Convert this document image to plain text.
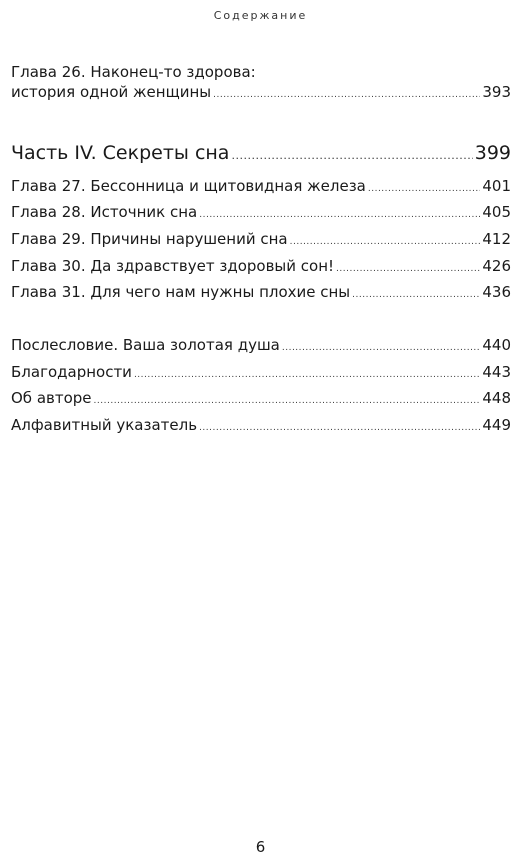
Содержание
Глава 26. Наконец-то здорова:
история одной женщины .....	393
Часть IV. Секреты сна .....	399
Глава 27. Бессонница и щитовидная железа .....	401
Глава 28. Источник сна .....	405
Глава 29. Причины нарушений сна .....	412
Глава 30. Да здравствует здоровый сон! .....	426
Глава 31. Для чего нам нужны плохие сны .....	436
Послесловие. Ваша золотая душа .....	440
Благодарности .....	443
Об авторе .....	448
Алфавитный указатель .....	449
6
